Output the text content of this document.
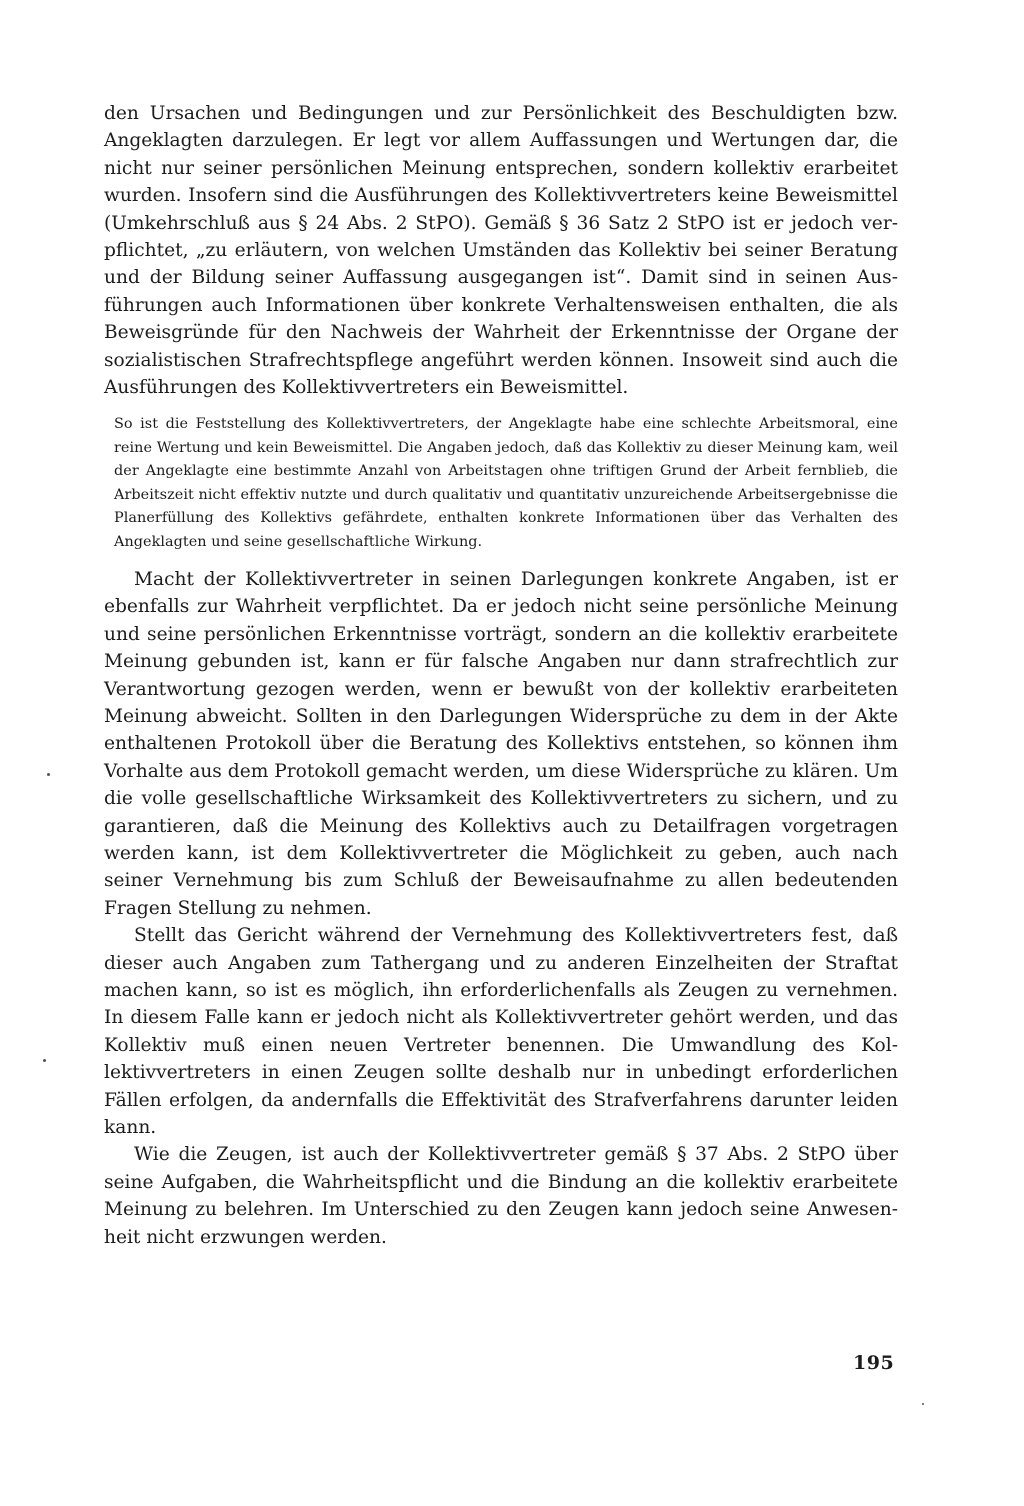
den Ursachen und Bedingungen und zur Persönlichkeit des Beschuldigten bzw. Angeklagten darzulegen. Er legt vor allem Auffassungen und Wertungen dar, die nicht nur seiner persönlichen Meinung entsprechen, sondern kollektiv erarbeitet wurden. Insofern sind die Ausführungen des Kollektivvertreters keine Beweismittel (Umkehrschluß aus § 24 Abs. 2 StPO). Gemäß § 36 Satz 2 StPO ist er jedoch verpflichtet, „zu erläutern, von welchen Umständen das Kollektiv bei seiner Beratung und der Bildung seiner Auffassung ausgegangen ist“. Damit sind in seinen Ausführungen auch Informationen über konkrete Verhaltensweisen enthalten, die als Beweisgründe für den Nachweis der Wahrheit der Erkenntnisse der Organe der sozialistischen Strafrechtspflege angeführt werden können. Insoweit sind auch die Ausführungen des Kollektivvertreters ein Beweismittel.

So ist die Feststellung des Kollektivvertreters, der Angeklagte habe eine schlechte Arbeitsmoral, eine reine Wertung und kein Beweismittel. Die Angaben jedoch, daß das Kollektiv zu dieser Meinung kam, weil der Angeklagte eine bestimmte Anzahl von Arbeitstagen ohne triftigen Grund der Arbeit fernblieb, die Arbeitszeit nicht effektiv nutzte und durch qualitativ und quantitativ unzureichende Arbeitsergebnisse die Planerfüllung des Kollektivs gefährdete, enthalten konkrete Informationen über das Verhalten des Angeklagten und seine gesellschaftliche Wirkung.

Macht der Kollektivvertreter in seinen Darlegungen konkrete Angaben, ist er ebenfalls zur Wahrheit verpflichtet. Da er jedoch nicht seine persönliche Meinung und seine persönlichen Erkenntnisse vorträgt, sondern an die kollektiv erarbeitete Meinung gebunden ist, kann er für falsche Angaben nur dann strafrechtlich zur Verantwortung gezogen werden, wenn er bewußt von der kollektiv erarbeiteten Meinung abweicht. Sollten in den Darlegungen Widersprüche zu dem in der Akte enthaltenen Protokoll über die Beratung des Kollektivs entstehen, so können ihm Vorhalte aus dem Protokoll gemacht werden, um diese Widersprüche zu klären. Um die volle gesellschaftliche Wirksamkeit des Kollektivvertreters zu sichern, und zu garantieren, daß die Meinung des Kollektivs auch zu Detailfragen vorgetragen werden kann, ist dem Kollektivvertreter die Möglichkeit zu geben, auch nach seiner Vernehmung bis zum Schluß der Beweisaufnahme zu allen bedeutenden Fragen Stellung zu nehmen.

Stellt das Gericht während der Vernehmung des Kollektivvertreters fest, daß dieser auch Angaben zum Tathergang und zu anderen Einzelheiten der Straftat machen kann, so ist es möglich, ihn erforderlichenfalls als Zeugen zu vernehmen. In diesem Falle kann er jedoch nicht als Kollektivvertreter gehört werden, und das Kollektiv muß einen neuen Vertreter benennen. Die Umwandlung des Kollektivvertreters in einen Zeugen sollte deshalb nur in unbedingt erforderlichen Fällen erfolgen, da andernfalls die Effektivität des Strafverfahrens darunter leiden kann.

Wie die Zeugen, ist auch der Kollektivvertreter gemäß § 37 Abs. 2 StPO über seine Aufgaben, die Wahrheitspflicht und die Bindung an die kollektiv erarbeitete Meinung zu belehren. Im Unterschied zu den Zeugen kann jedoch seine Anwesenheit nicht erzwungen werden.

195
